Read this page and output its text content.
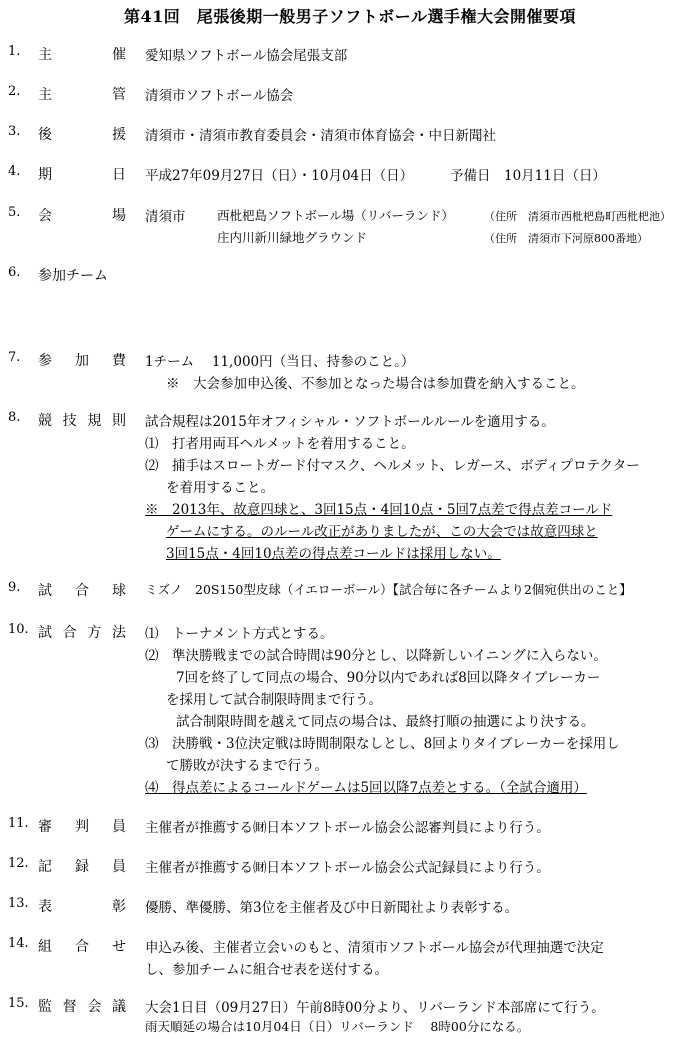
第41回　尾張後期一般男子ソフトボール選手権大会開催要項
1.	主	催 愛知県ソフトボール協会尾張支部
2.	主	管 清須市ソフトボール協会
3.	後	援 清須市・清須市教育委員会・清須市体育協会・中日新聞社
4.	期	日 平成27年09月27日（日）・10月04日（日）	予備日　10月11日（日）
5.	会	場 清須市	西枇杷島ソフトボール場（リバーランド）	（住所　清須市西枇杷島町西枇杷池）
庄内川新川緑地グラウンド	（住所　清須市下河原800番地）
6.	参加チーム
7.	参 加 費 1チーム　 11,000円（当日、持参のこと。）
※　大会参加申込後、不参加となった場合は参加費を納入すること。
8.	競 技 規 則 試合規程は2015年オフィシャル・ソフトボールルールを適用する。
⑴　打者用両耳ヘルメットを着用すること。
⑵　捕手はスロートガード付マスク、ヘルメット、レガース、ボディプロテクター
を着用すること。
※　2013年、故意四球と、3回15点・4回10点・5回7点差で得点差コールド
ゲームにする。のルール改正がありましたが、この大会では故意四球と
3回15点・4回10点差の得点差コールドは採用しない。
9.	試 合 球 ミズノ　20S150型皮球（イエローボール）【試合毎に各チームより2個宛供出のこと】
10. 試 合 方 法 ⑴　トーナメント方式とする。
⑵　準決勝戦までの試合時間は90分とし、以降新しいイニングに入らない。
7回を終了して同点の場合、90分以内であれば8回以降タイブレーカー
を採用して試合制限時間まで行う。
試合制限時間を越えて同点の場合は、最終打順の抽選により決する。
⑶　決勝戦・3位決定戦は時間制限なしとし、8回よりタイブレーカーを採用し
て勝敗が決するまで行う。
⑷　得点差によるコールドゲームは5回以降7点差とする。（全試合適用）
11. 審 判 員 主催者が推薦する㈶日本ソフトボール協会公認審判員により行う。
12. 記 録 員 主催者が推薦する㈶日本ソフトボール協会公式記録員により行う。
13. 表	彰 優勝、準優勝、第3位を主催者及び中日新聞社より表彰する。
14. 組 合 せ 申込み後、主催者立会いのもと、清須市ソフトボール協会が代理抽選で決定
し、参加チームに組合せ表を送付する。
15. 監 督 会 議 大会1日目（09月27日）午前8時00分より、リバーランド本部席にて行う。
雨天順延の場合は10月04日（日）リバーランド　 8時00分になる。
